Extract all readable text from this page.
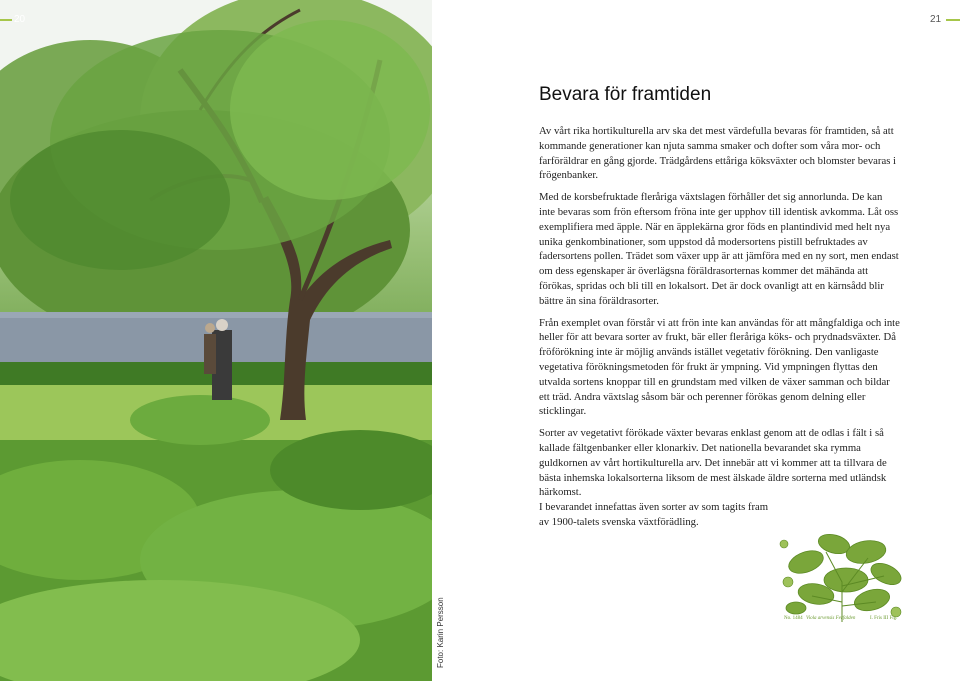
20
Foto: Karin Persson
21
Bevara för framtiden

Av vårt rika hortikulturella arv ska det mest värdefulla bevaras för framtiden, så att kommande generationer kan njuta samma smaker och dofter som våra mor- och farföräldrar en gång gjorde. Trädgårdens ettåriga köksväxter och blomster bevaras i frögenbanker.

Med de korsbefruktade fleråriga växtslagen förhåller det sig annorlunda. De kan inte bevaras som frön eftersom fröna inte ger upphov till identisk avkomma. Låt oss exemplifiera med äpple. När en äpplekärna gror föds en plantindivid med helt nya unika genkombinationer, som uppstod då modersortens pistill befruktades av fadersortens pollen. Trädet som växer upp är att jämföra med en ny sort, men endast om dess egenskaper är överlägsna föräldrasorternas kommer det mähända att förökas, spridas och bli till en lokalsort. Det är dock ovanligt att en kärnsådd blir bättre än sina föräldrasorter.

Från exemplet ovan förstår vi att frön inte kan användas för att mångfaldiga och inte heller för att bevara sorter av frukt, bär eller fleråriga köks- och prydnadsväxter. Då fröförökning inte är möjlig används istället vegetativ förökning. Den vanligaste vegetativa förökningsmetoden för frukt är ympning. Vid ympningen flyttas den utvalda sortens knoppar till en grundstam med vilken de växer samman och bildar ett träd. Andra växtslag såsom bär och perenner förökas genom delning eller sticklingar.

Sorter av vegetativt förökade växter bevaras enklast genom att de odlas i fält i så kallade fältgenbanker eller klonarkiv. Det nationella bevarandet ska rymma guldkornen av vårt hortikulturella arv. Det innebär att vi kommer att ta tillvara de bästa inhemska lokalsorterna liksom de mest älskade äldre sorterna med utländsk härkomst.

I bevarandet innefattas även sorter av som tagits fram av 1900-talets svenska växtförädling.

No. 1484 Viola arvensis Ferfalden	I. Fris III Fig.
